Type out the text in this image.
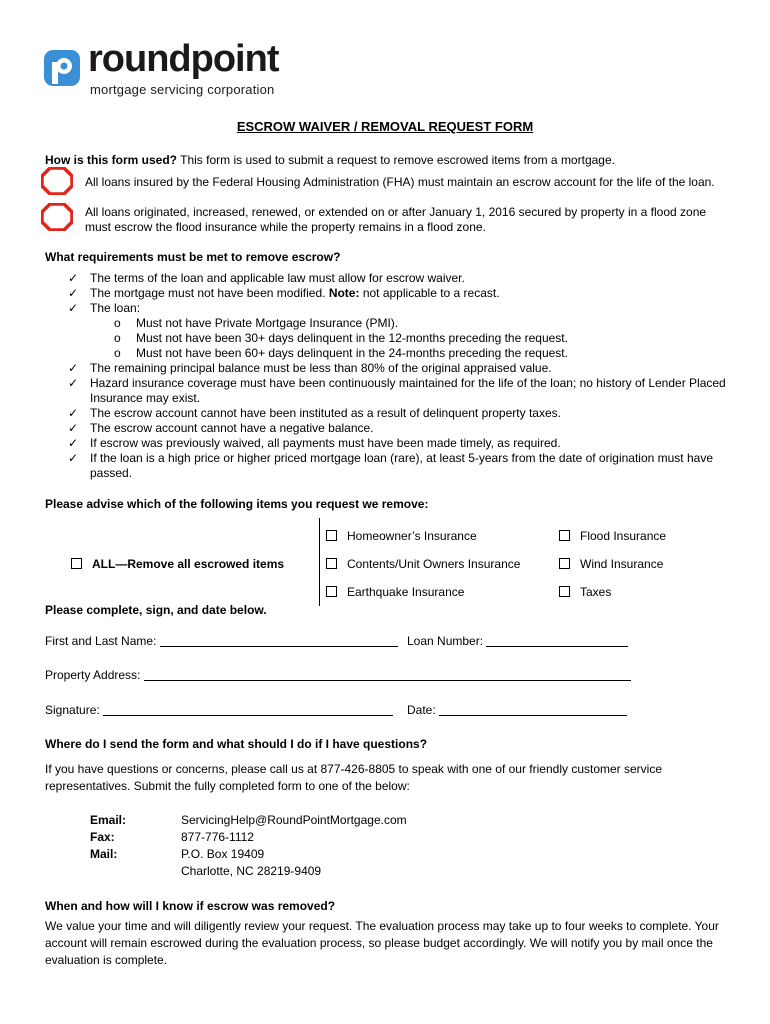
roundpoint
mortgage servicing corporation
ESCROW WAIVER / REMOVAL REQUEST FORM
How is this form used? This form is used to submit a request to remove escrowed items from a mortgage.
All loans insured by the Federal Housing Administration (FHA) must maintain an escrow account for the life of the loan.
All loans originated, increased, renewed, or extended on or after January 1, 2016 secured by property in a flood zone
must escrow the flood insurance while the property remains in a flood zone.
What requirements must be met to remove escrow?
✓ The terms of the loan and applicable law must allow for escrow waiver.
✓ The mortgage must not have been modified. Note: not applicable to a recast.
✓ The loan:
o Must not have Private Mortgage Insurance (PMI).
o Must not have been 30+ days delinquent in the 12-months preceding the request.
o Must not have been 60+ days delinquent in the 24-months preceding the request.
✓ The remaining principal balance must be less than 80% of the original appraised value.
✓ Hazard insurance coverage must have been continuously maintained for the life of the loan; no history of Lender Placed
Insurance may exist.
✓ The escrow account cannot have been instituted as a result of delinquent property taxes.
✓ The escrow account cannot have a negative balance.
✓ If escrow was previously waived, all payments must have been made timely, as required.
✓ If the loan is a high price or higher priced mortgage loan (rare), at least 5-years from the date of origination must have
passed.
Please advise which of the following items you request we remove:
ALL—Remove all escrowed items
Homeowner’s Insurance
Contents/Unit Owners Insurance
Earthquake Insurance
Flood Insurance
Wind Insurance
Taxes
Please complete, sign, and date below.
First and Last Name:	Loan Number:
Property Address:
Signature:	Date:
Where do I send the form and what should I do if I have questions?
If you have questions or concerns, please call us at 877-426-8805 to speak with one of our friendly customer service
representatives. Submit the fully completed form to one of the below:
Email:	ServicingHelp@RoundPointMortgage.com
Fax:	877-776-1112
Mail:	P.O. Box 19409
Charlotte, NC 28219-9409
When and how will I know if escrow was removed?
We value your time and will diligently review your request. The evaluation process may take up to four weeks to complete. Your
account will remain escrowed during the evaluation process, so please budget accordingly. We will notify you by mail once the
evaluation is complete.
